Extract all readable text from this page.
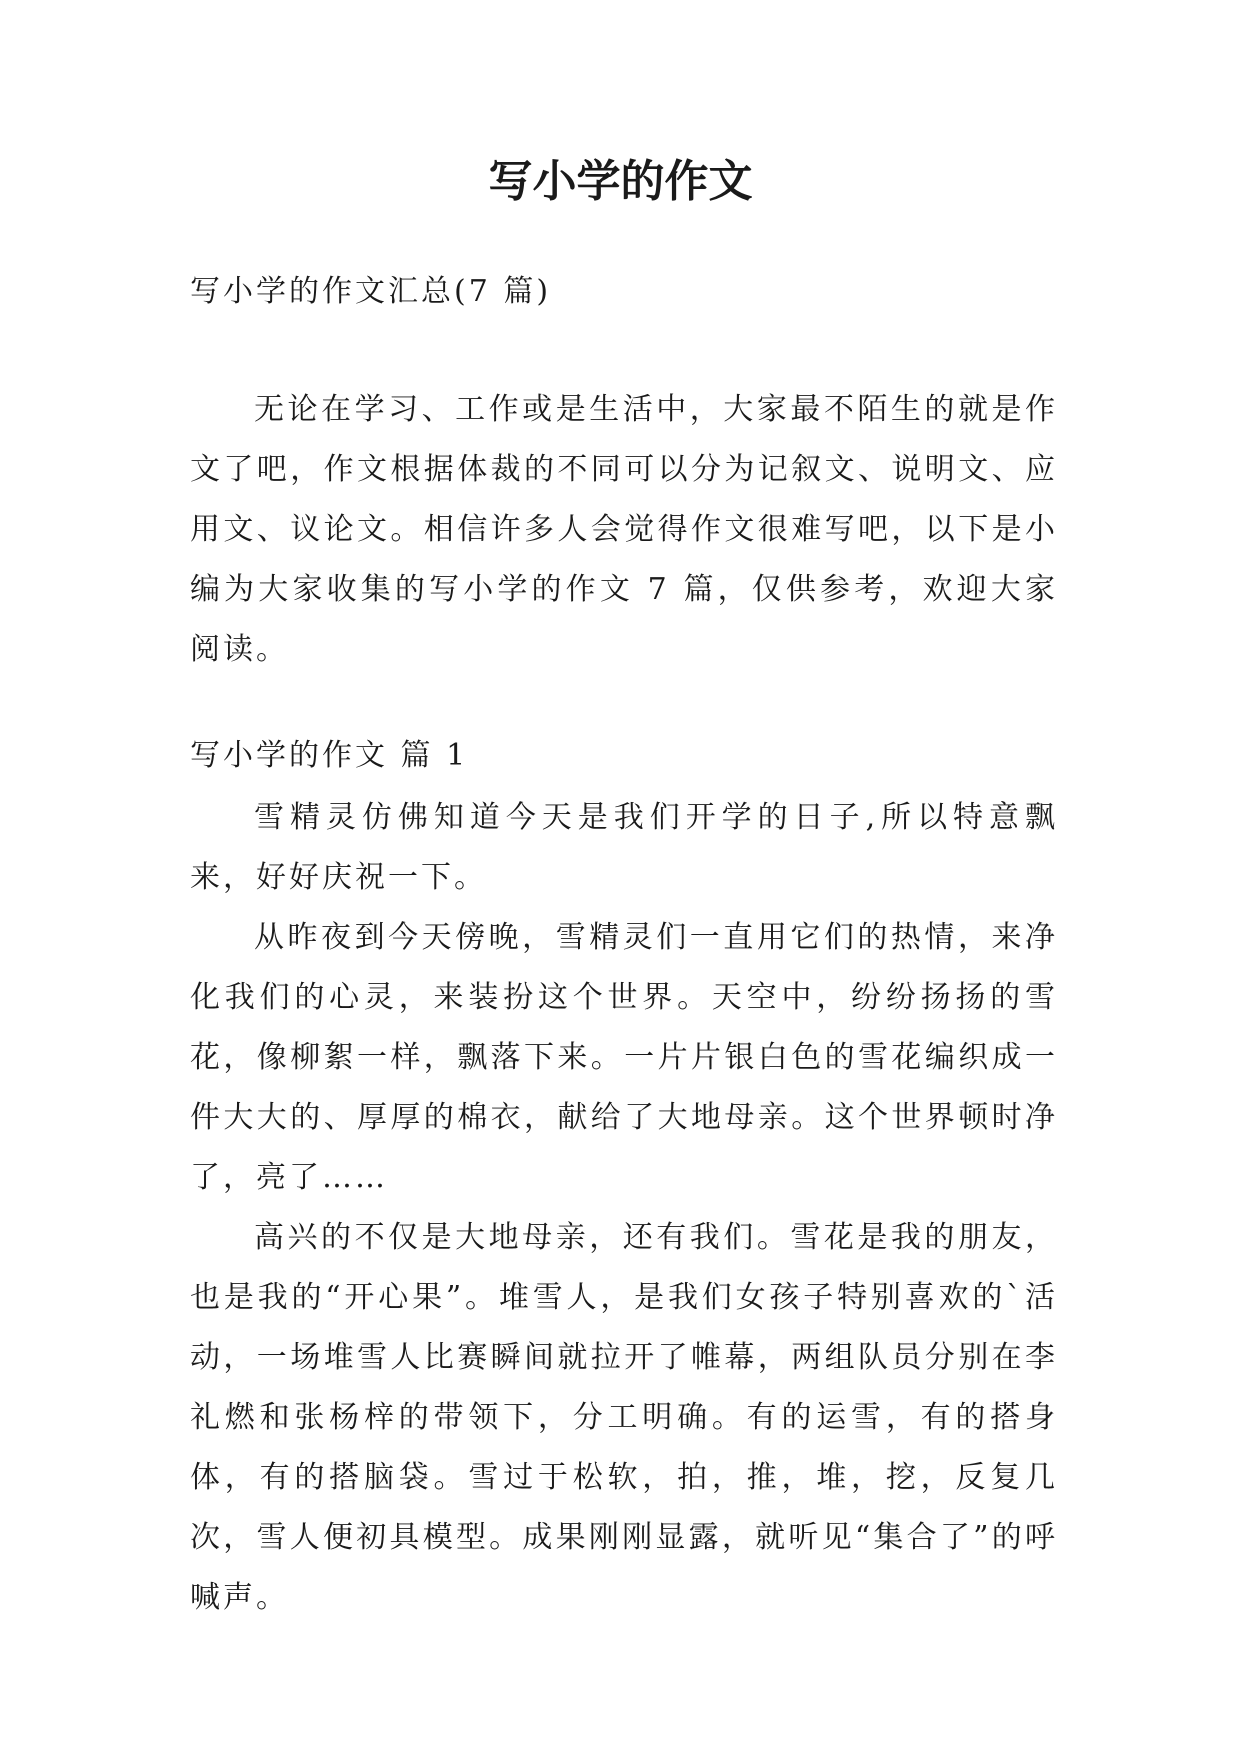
写小学的作文

写小学的作文汇总(7 篇)

无论在学习、工作或是生活中，大家最不陌生的就是作文了吧，作文根据体裁的不同可以分为记叙文、说明文、应用文、议论文。相信许多人会觉得作文很难写吧，以下是小编为大家收集的写小学的作文 7 篇，仅供参考，欢迎大家阅读。

写小学的作文 篇 1

雪精灵仿佛知道今天是我们开学的日子,所以特意飘来，好好庆祝一下。

从昨夜到今天傍晚，雪精灵们一直用它们的热情，来净化我们的心灵，来装扮这个世界。天空中，纷纷扬扬的雪花，像柳絮一样，飘落下来。一片片银白色的雪花编织成一件大大的、厚厚的棉衣，献给了大地母亲。这个世界顿时净了，亮了……

高兴的不仅是大地母亲，还有我们。雪花是我的朋友，也是我的“开心果”。堆雪人，是我们女孩子特别喜欢的`活动，一场堆雪人比赛瞬间就拉开了帷幕，两组队员分别在李礼燃和张杨梓的带领下，分工明确。有的运雪，有的搭身体，有的搭脑袋。雪过于松软，拍，推，堆，挖，反复几次，雪人便初具模型。成果刚刚显露，就听见“集合了”的呼喊声。
